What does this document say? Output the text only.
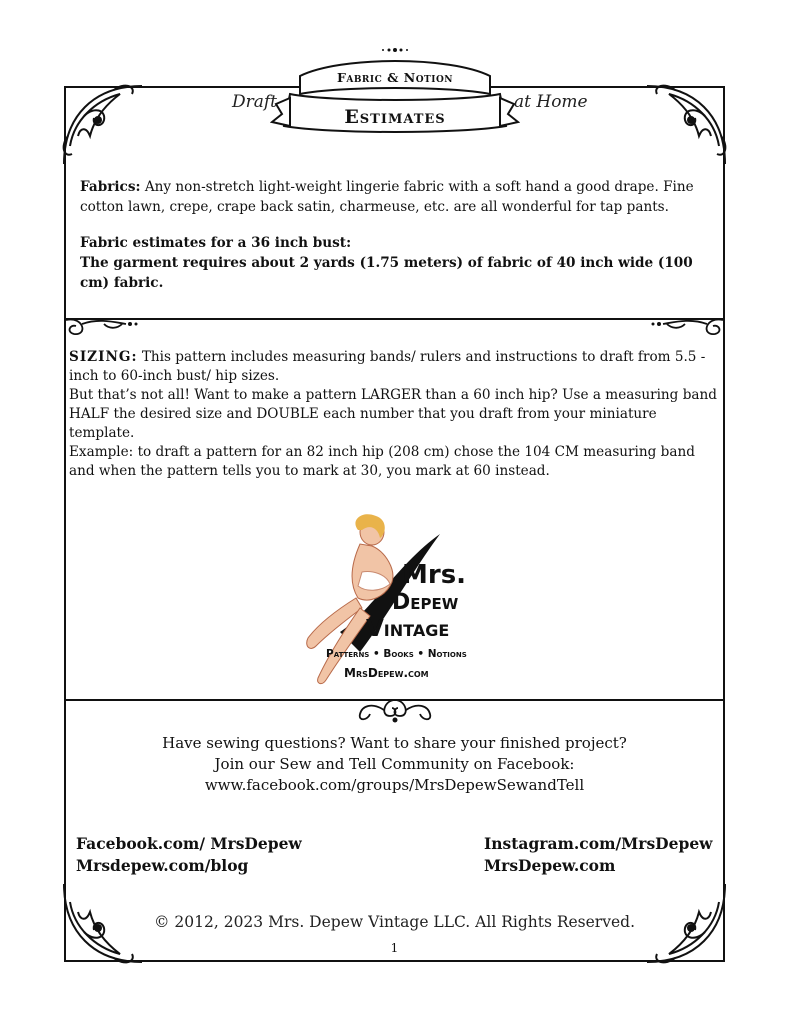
Fabric & Notion
Estimates
Draft	at Home

Fabrics: Any non-stretch light-weight lingerie fabric with a soft hand a good drape. Fine cotton lawn, crepe, crape back satin, charmeuse, etc. are all wonderful for tap pants.

Fabric estimates for a 36 inch bust:
The garment requires about 2 yards (1.75 meters) of fabric of 40 inch wide (100 cm) fabric.
SIZING: This pattern includes measuring bands/ rulers and instructions to draft from 5.5 -inch to 60-inch bust/ hip sizes.
But that’s not all! Want to make a pattern LARGER than a 60 inch hip? Use a measuring band HALF the desired size and DOUBLE each number that you draft from your miniature template.
Example: to draft a pattern for an 82 inch hip (208 cm) chose the 104 CM measuring band and when the pattern tells you to mark at 30, you mark at 60 instead.
Mrs.
Depew
Vintage
Patterns • Books • Notions
MrsDepew.com
Have sewing questions? Want to share your finished project?
Join our Sew and Tell Community on Facebook:
www.facebook.com/groups/MrsDepewSewandTell
Facebook.com/ MrsDepew
Mrsdepew.com/blog
Instagram.com/MrsDepew
MrsDepew.com
© 2012, 2023 Mrs. Depew Vintage LLC. All Rights Reserved.
1
